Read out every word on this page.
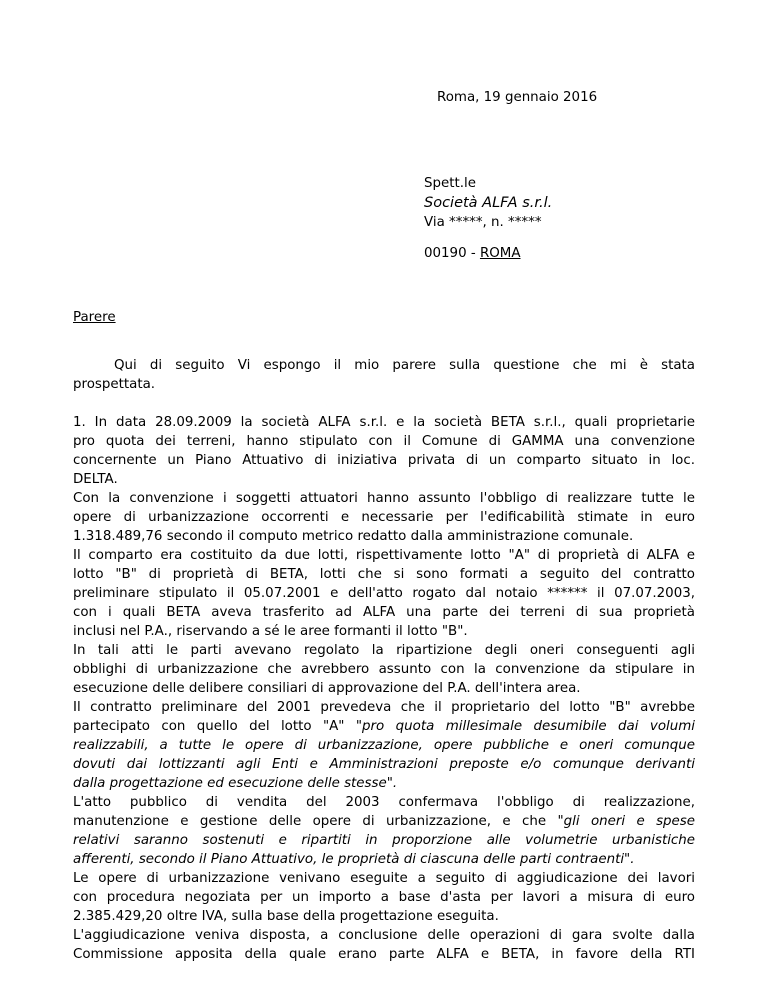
Roma, 19 gennaio 2016
Spett.le
Società ALFA s.r.l.
Via *****, n. *****
00190 - ROMA
Parere
Qui di seguito Vi espongo il mio parere sulla questione che mi è stata
prospettata.
1. In data 28.09.2009 la società ALFA s.r.l. e la società BETA s.r.l., quali proprietarie
pro quota dei terreni, hanno stipulato con il Comune di GAMMA una convenzione
concernente un Piano Attuativo di iniziativa privata di un comparto situato in loc.
DELTA.
Con la convenzione i soggetti attuatori hanno assunto l'obbligo di realizzare tutte le
opere di urbanizzazione occorrenti e necessarie per l'edificabilità stimate in euro
1.318.489,76 secondo il computo metrico redatto dalla amministrazione comunale.
Il comparto era costituito da due lotti, rispettivamente lotto "A" di proprietà di ALFA e
lotto "B" di proprietà di BETA, lotti che si sono formati a seguito del contratto
preliminare stipulato il 05.07.2001 e dell'atto rogato dal notaio ****** il 07.07.2003,
con i quali BETA aveva trasferito ad ALFA una parte dei terreni di sua proprietà
inclusi nel P.A., riservando a sé le aree formanti il lotto "B".
In tali atti le parti avevano regolato la ripartizione degli oneri conseguenti agli
obblighi di urbanizzazione che avrebbero assunto con la convenzione da stipulare in
esecuzione delle delibere consiliari di approvazione del P.A. dell'intera area.
Il contratto preliminare del 2001 prevedeva che il proprietario del lotto "B" avrebbe
partecipato con quello del lotto "A" "pro quota millesimale desumibile dai volumi
realizzabili, a tutte le opere di urbanizzazione, opere pubbliche e oneri comunque
dovuti dai lottizzanti agli Enti e Amministrazioni preposte e/o comunque derivanti
dalla progettazione ed esecuzione delle stesse".
L'atto pubblico di vendita del 2003 confermava l'obbligo di realizzazione,
manutenzione e gestione delle opere di urbanizzazione, e che "gli oneri e spese
relativi saranno sostenuti e ripartiti in proporzione alle volumetrie urbanistiche
afferenti, secondo il Piano Attuativo, le proprietà di ciascuna delle parti contraenti".
Le opere di urbanizzazione venivano eseguite a seguito di aggiudicazione dei lavori
con procedura negoziata per un importo a base d'asta per lavori a misura di euro
2.385.429,20 oltre IVA, sulla base della progettazione eseguita.
L'aggiudicazione veniva disposta, a conclusione delle operazioni di gara svolte dalla
Commissione apposita della quale erano parte ALFA e BETA, in favore della RTI
